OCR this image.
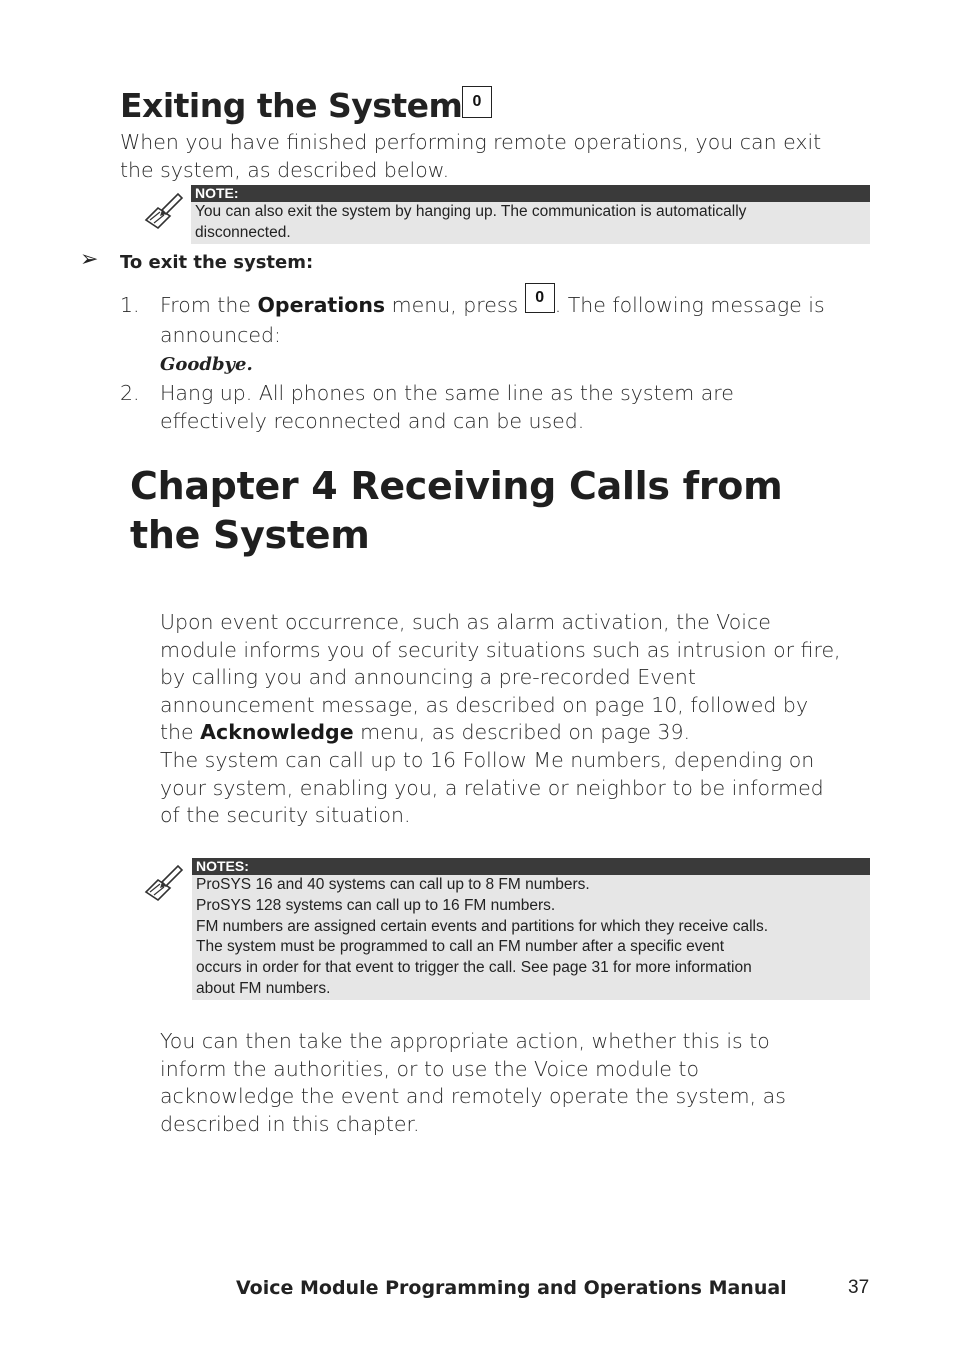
Exiting the System 0
When you have finished performing remote operations, you can exit
the system, as described below.
NOTE:
You can also exit the system by hanging up. The communication is automatically
disconnected.
➢ To exit the system:
1. From the Operations menu, press 0 . The following message is
announced:
Goodbye.
2. Hang up. All phones on the same line as the system are
effectively reconnected and can be used.
Chapter 4 Receiving Calls from
the System
Upon event occurrence, such as alarm activation, the Voice
module informs you of security situations such as intrusion or fire,
by calling you and announcing a pre-recorded Event
announcement message, as described on page 10, followed by
the Acknowledge menu, as described on page 39.
The system can call up to 16 Follow Me numbers, depending on
your system, enabling you, a relative or neighbor to be informed
of the security situation.
NOTES:
ProSYS 16 and 40 systems can call up to 8 FM numbers.
ProSYS 128 systems can call up to 16 FM numbers.
FM numbers are assigned certain events and partitions for which they receive calls.
The system must be programmed to call an FM number after a specific event
occurs in order for that event to trigger the call. See page 31 for more information
about FM numbers.
You can then take the appropriate action, whether this is to
inform the authorities, or to use the Voice module to
acknowledge the event and remotely operate the system, as
described in this chapter.
Voice Module Programming and Operations Manual	37
